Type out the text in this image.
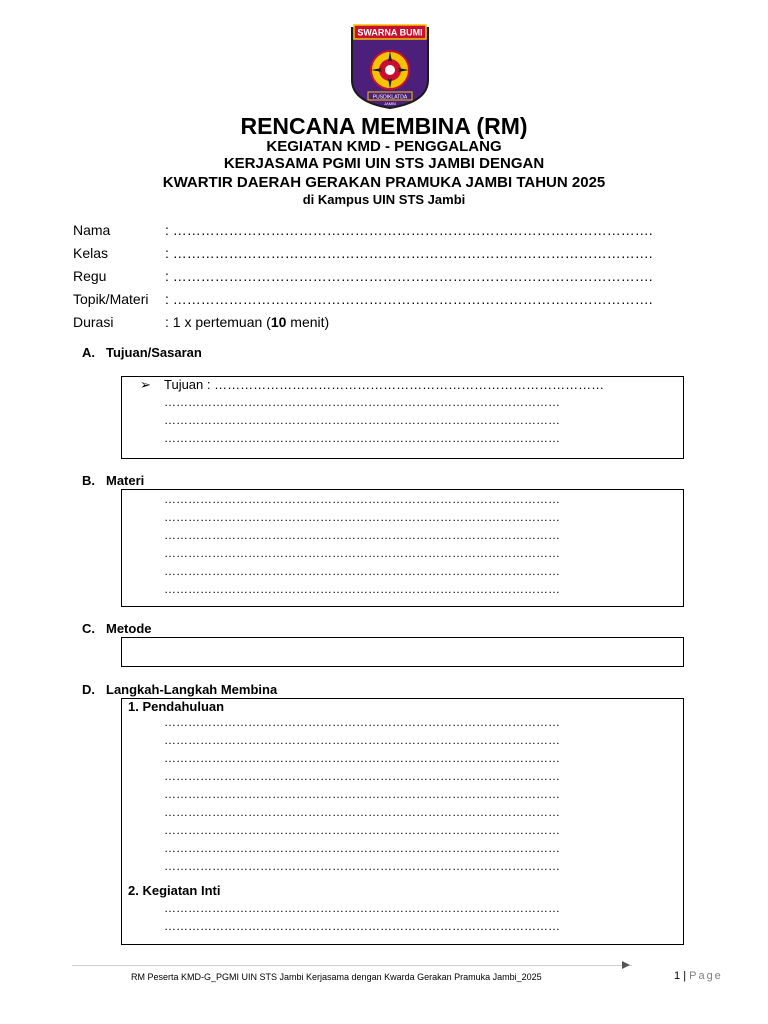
SWARNA BUMI
PUSDIKLATDA
JAMBI
RENCANA MEMBINA (RM)
KEGIATAN KMD - PENGGALANG
KERJASAMA PGMI UIN STS JAMBI DENGAN
KWARTIR DAERAH GERAKAN PRAMUKA JAMBI TAHUN 2025
di Kampus UIN STS Jambi
Nama	: ………………………………………………………………………………………….
Kelas	: ………………………………………………………………………………………….
Regu	: ………………………………………………………………………………………….
Topik/Materi : ………………………………………………………………………………………….
Durasi	: 1 x pertemuan (10 menit)
A. Tujuan/Sasaran
➢ Tujuan : ………………………………………………………………………………
………………………………………………………………………………………
………………………………………………………………………………………
………………………………………………………………………………………
B. Materi
………………………………………………………………………………………
………………………………………………………………………………………
………………………………………………………………………………………
………………………………………………………………………………………
………………………………………………………………………………………
………………………………………………………………………………………
C. Metode
D. Langkah-Langkah Membina
1. Pendahuluan
………………………………………………………………………………………
………………………………………………………………………………………
………………………………………………………………………………………
………………………………………………………………………………………
………………………………………………………………………………………
………………………………………………………………………………………
………………………………………………………………………………………
………………………………………………………………………………………
………………………………………………………………………………………
2. Kegiatan Inti
………………………………………………………………………………………
………………………………………………………………………………………
RM Peserta KMD-G_PGMI UIN STS Jambi Kerjasama dengan Kwarda Gerakan Pramuka Jambi_2025	1 | Page
